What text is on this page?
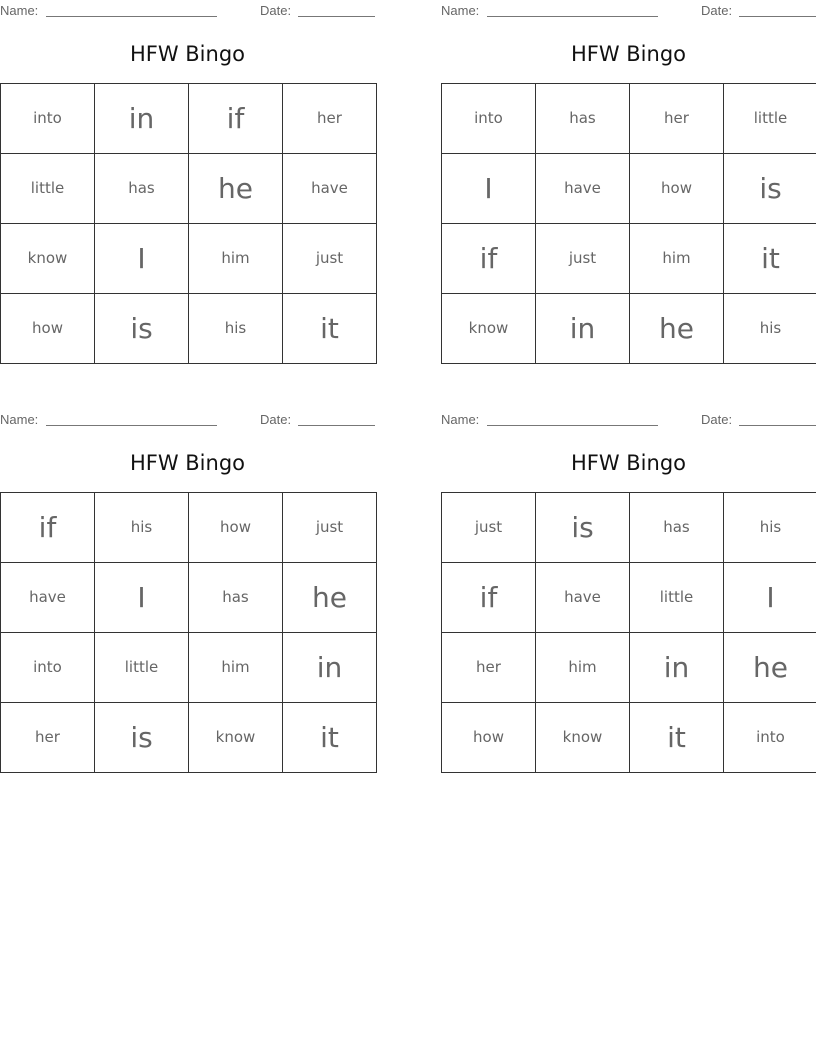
Name:	Date:
HFW Bingo
into	in	if	her
little	has	he	have
know	I	him	just
how	is	his	it
Name:	Date:
HFW Bingo
into	has	her	little
I	have	how	is
if	just	him	it
know	in	he	his
Name:	Date:
HFW Bingo
if	his	how	just
have	I	has	he
into	little	him	in
her	is	know	it
Name:	Date:
HFW Bingo
just	is	has	his
if	have	little	I
her	him	in	he
how	know	it	into
